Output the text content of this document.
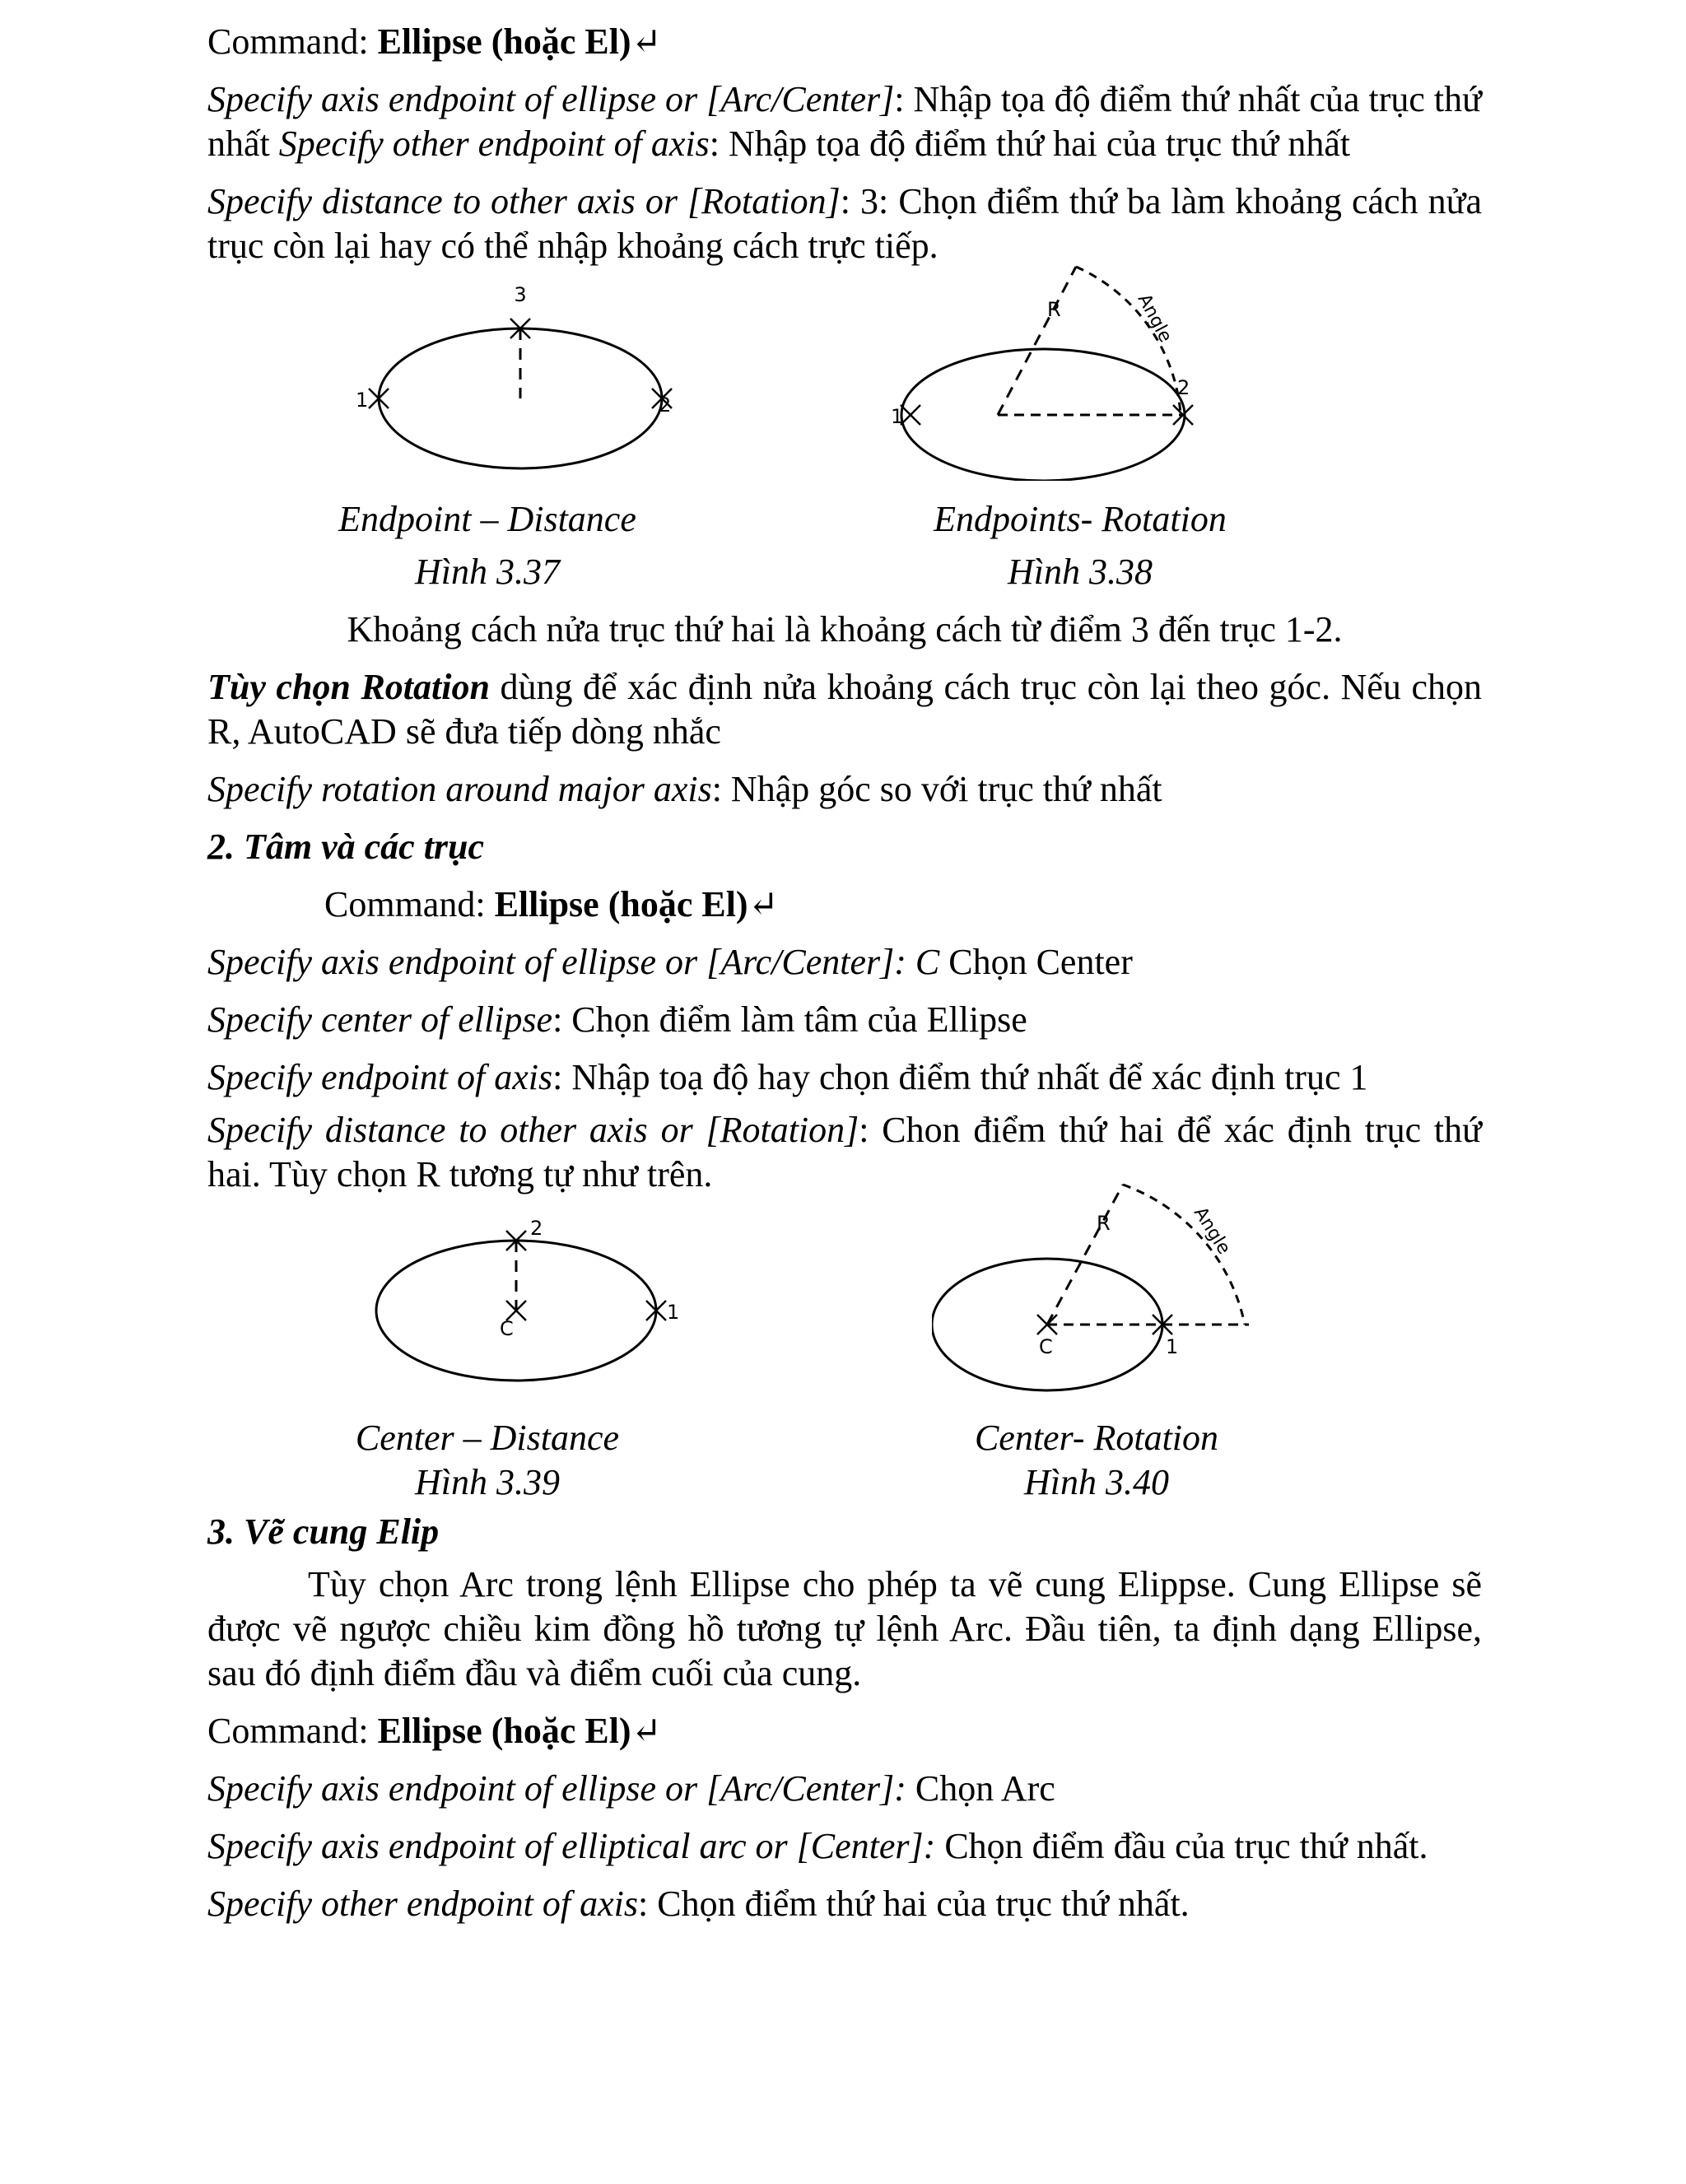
Command: Ellipse (hoặc El)↵

Specify axis endpoint of ellipse or [Arc/Center]: Nhập tọa độ điểm thứ nhất của trục thứ nhất Specify other endpoint of axis: Nhập tọa độ điểm thứ hai của trục thứ nhất

Specify distance to other axis or [Rotation]: 3: Chọn điểm thứ ba làm khoảng cách nửa trục còn lại hay có thể nhập khoảng cách trực tiếp.

3
1	2
Endpoint – Distance
Hình 3.37
1
2
R	Angle
Endpoints- Rotation
Hình 3.38

Khoảng cách nửa trục thứ hai là khoảng cách từ điểm 3 đến trục 1-2.

Tùy chọn Rotation dùng để xác định nửa khoảng cách trục còn lại theo góc. Nếu chọn R, AutoCAD sẽ đưa tiếp dòng nhắc

Specify rotation around major axis: Nhập góc so với trục thứ nhất

2. Tâm và các trục

Command: Ellipse (hoặc El)↵

Specify axis endpoint of ellipse or [Arc/Center]: C Chọn Center

Specify center of ellipse: Chọn điểm làm tâm của Ellipse

Specify endpoint of axis: Nhập toạ độ hay chọn điểm thứ nhất để xác định trục 1

Specify distance to other axis or [Rotation]: Chon điểm thứ hai để xác định trục thứ hai. Tùy chọn R tương tự như trên.

2
C
1
Center – Distance
Hình 3.39
C	1
R	Angle
Center- Rotation
Hình 3.40

3. Vẽ cung Elip

Tùy chọn Arc trong lệnh Ellipse cho phép ta vẽ cung Elippse. Cung Ellipse sẽ được vẽ ngược chiều kim đồng hồ tương tự lệnh Arc. Đầu tiên, ta định dạng Ellipse, sau đó định điểm đầu và điểm cuối của cung.

Command: Ellipse (hoặc El)↵

Specify axis endpoint of ellipse or [Arc/Center]: Chọn Arc

Specify axis endpoint of elliptical arc or [Center]: Chọn điểm đầu của trục thứ nhất.

Specify other endpoint of axis: Chọn điểm thứ hai của trục thứ nhất.
